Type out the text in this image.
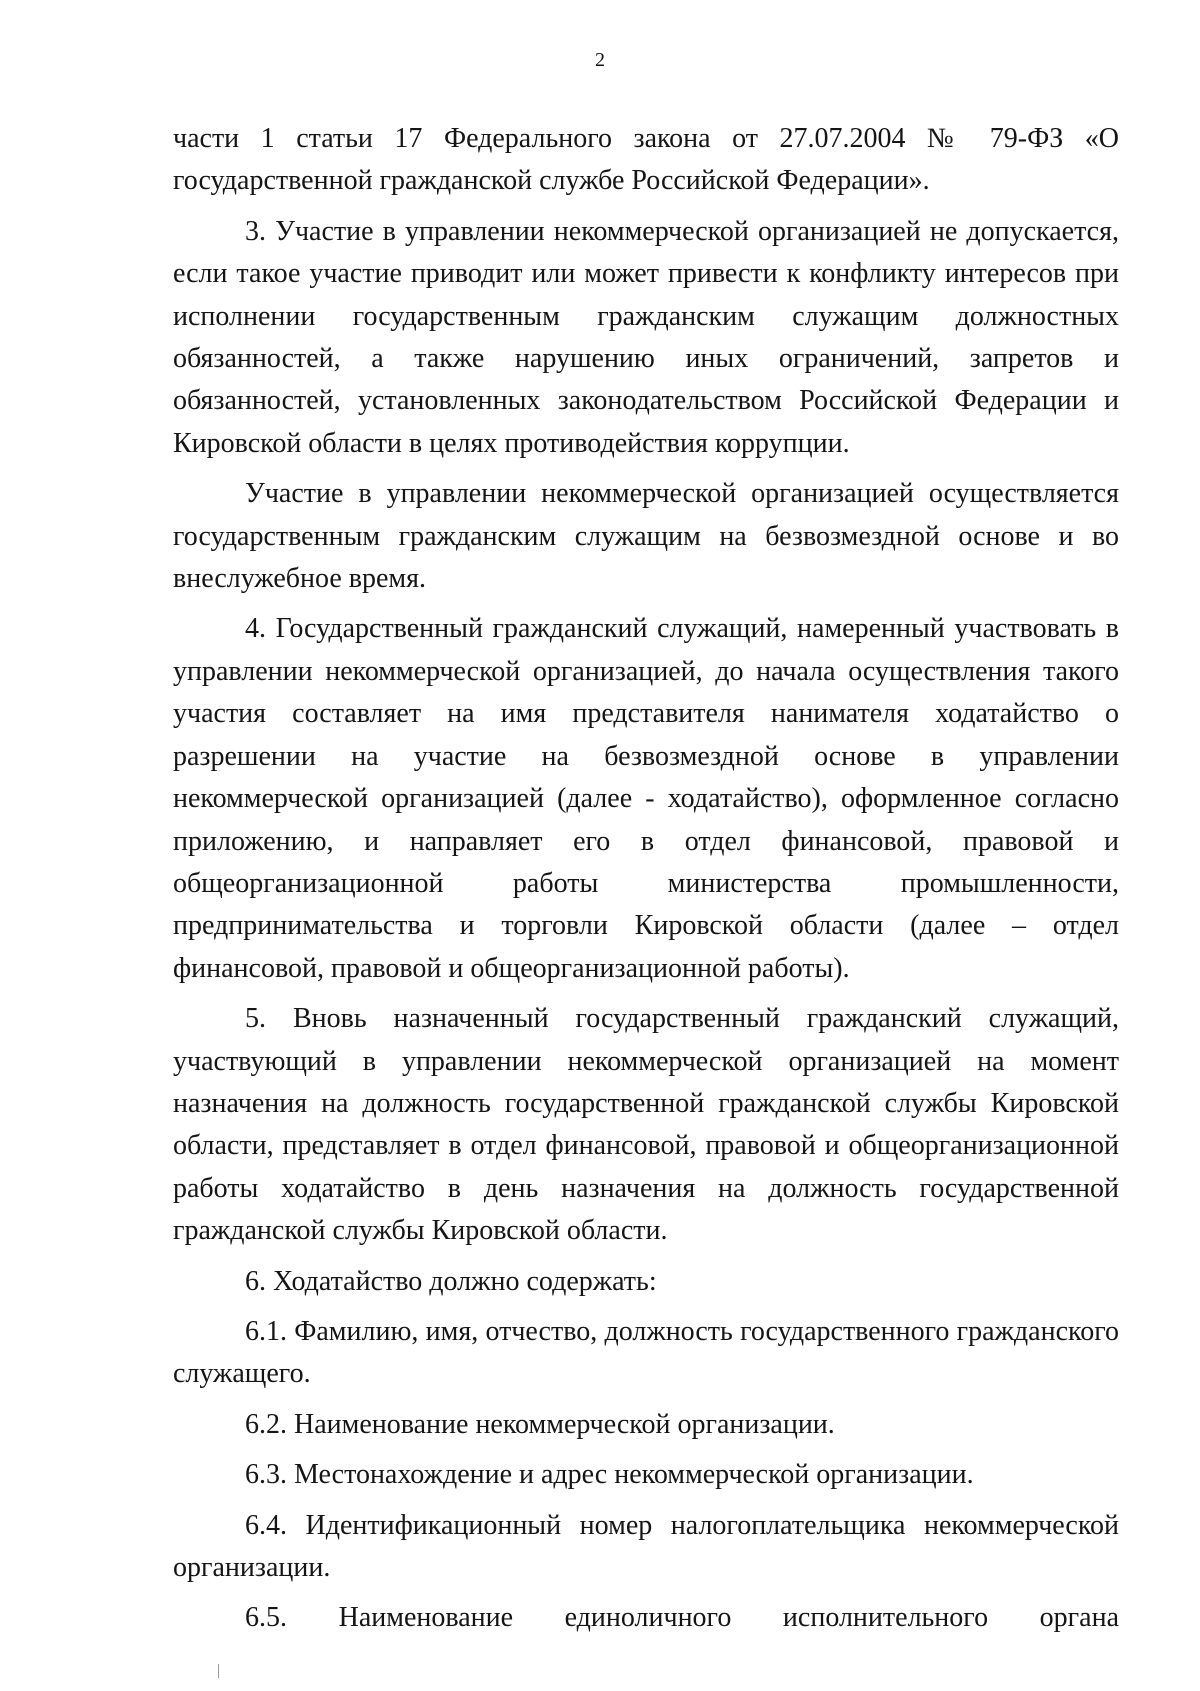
2

части 1 статьи 17 Федерального закона от 27.07.2004 № 79-ФЗ «О государственной гражданской службе Российской Федерации».

3. Участие в управлении некоммерческой организацией не допускается, если такое участие приводит или может привести к конфликту интересов при исполнении государственным гражданским служащим должностных обязанностей, а также нарушению иных ограничений, запретов и обязанностей, установленных законодательством Российской Федерации и Кировской области в целях противодействия коррупции.

Участие в управлении некоммерческой организацией осуществляется государственным гражданским служащим на безвозмездной основе и во внеслужебное время.

4. Государственный гражданский служащий, намеренный участвовать в управлении некоммерческой организацией, до начала осуществления такого участия составляет на имя представителя нанимателя ходатайство о разрешении на участие на безвозмездной основе в управлении некоммерческой организацией (далее - ходатайство), оформленное согласно приложению, и направляет его в отдел финансовой, правовой и общеорганизационной работы министерства промышленности, предпринимательства и торговли Кировской области (далее – отдел финансовой, правовой и общеорганизационной работы).

5. Вновь назначенный государственный гражданский служащий, участвующий в управлении некоммерческой организацией на момент назначения на должность государственной гражданской службы Кировской области, представляет в отдел финансовой, правовой и общеорганизационной работы ходатайство в день назначения на должность государственной гражданской службы Кировской области.

6. Ходатайство должно содержать:

6.1. Фамилию, имя, отчество, должность государственного гражданского служащего.

6.2. Наименование некоммерческой организации.

6.3. Местонахождение и адрес некоммерческой организации.

6.4. Идентификационный номер налогоплательщика некоммерческой организации.

6.5. Наименование единоличного исполнительного органа
